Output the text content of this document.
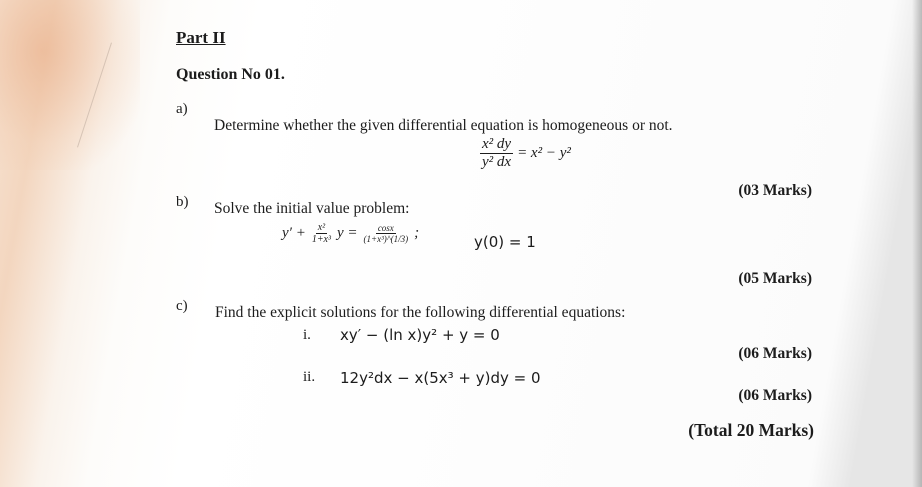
Part II
Question No 01.
a)
Determine whether the given differential equation is homogeneous or not.
$\frac{\text{x² dy}}{\text{y² dx}} = x^2 - y^2$
(03 Marks)
b) Solve the initial value problem:
$y' + \frac{\text{x²}}{\text{1+x³}}$ $y = \frac{\cos x}{\text{(1+x³)\textasciicircum{}(1/3)}}$ ;	y(0) = 1
(05 Marks)
c) Find the explicit solutions for the following differential equations:
i. xy′ − (ln x)y² + y = 0
(06 Marks)
ii. 12y²dx − x(5x³ + y)dy = 0
(06 Marks)
(Total 20 Marks)
